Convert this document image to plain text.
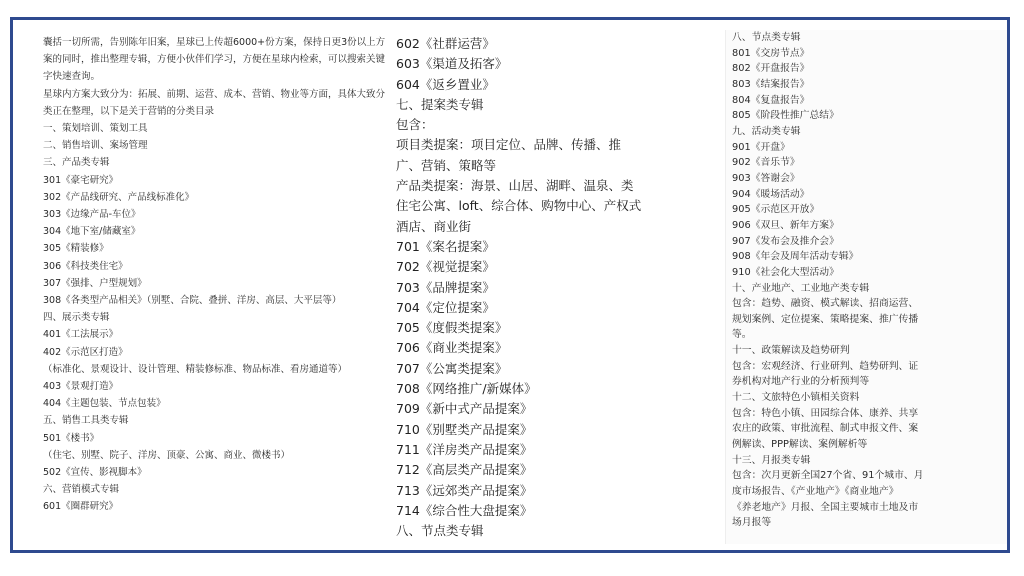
囊括一切所需，告别陈年旧案，星球已上传超6000+份方案，保持日更3份以上方
案的同时，推出整理专辑，方便小伙伴们学习，方便在星球内检索，可以搜索关键
字快速查询。
星球内方案大致分为：拓展、前期、运营、成本、营销、物业等方面，具体大致分
类正在整理，以下是关于营销的分类目录
一、策划培训、策划工具
二、销售培训、案场管理
三、产品类专辑
301《豪宅研究》
302《产品线研究、产品线标准化》
303《边缘产品-车位》
304《地下室/储藏室》
305《精装修》
306《科技类住宅》
307《强排、户型规划》
308《各类型产品相关》（别墅、合院、叠拼、洋房、高层、大平层等）
四、展示类专辑
401《工法展示》
402《示范区打造》
（标准化、景观设计、设计管理、精装修标准、物品标准、看房通道等）
403《景观打造》
404《主题包装、节点包装》
五、销售工具类专辑
501《楼书》
（住宅、别墅、院子、洋房、顶豪、公寓、商业、微楼书）
502《宣传、影视脚本》
六、营销模式专辑
601《圈群研究》
602《社群运营》
603《渠道及拓客》
604《返乡置业》
七、提案类专辑
包含：
项目类提案：项目定位、品牌、传播、推
广、营销、策略等
产品类提案：海景、山居、湖畔、温泉、类
住宅公寓、loft、综合体、购物中心、产权式
酒店、商业街
701《案名提案》
702《视觉提案》
703《品牌提案》
704《定位提案》
705《度假类提案》
706《商业类提案》
707《公寓类提案》
708《网络推广/新媒体》
709《新中式产品提案》
710《别墅类产品提案》
711《洋房类产品提案》
712《高层类产品提案》
713《远郊类产品提案》
714《综合性大盘提案》
八、节点类专辑
八、节点类专辑
801《交房节点》
802《开盘报告》
803《结案报告》
804《复盘报告》
805《阶段性推广总结》
九、活动类专辑
901《开盘》
902《音乐节》
903《答谢会》
904《暖场活动》
905《示范区开放》
906《双旦、新年方案》
907《发布会及推介会》
908《年会及周年活动专辑》
910《社会化大型活动》
十、产业地产、工业地产类专辑
包含：趋势、融资、模式解读、招商运营、
规划案例、定位提案、策略提案、推广传播
等。
十一、政策解读及趋势研判
包含：宏观经济、行业研判、趋势研判、证
券机构对地产行业的分析预判等
十二、文旅特色小镇相关资料
包含：特色小镇、田园综合体、康养、共享
农庄的政策、审批流程、制式申报文件、案
例解读、PPP解读、案例解析等
十三、月报类专辑
包含：次月更新全国27个省、91个城市、月
度市场报告、《产业地产》《商业地产》
《养老地产》月报、全国主要城市土地及市
场月报等
